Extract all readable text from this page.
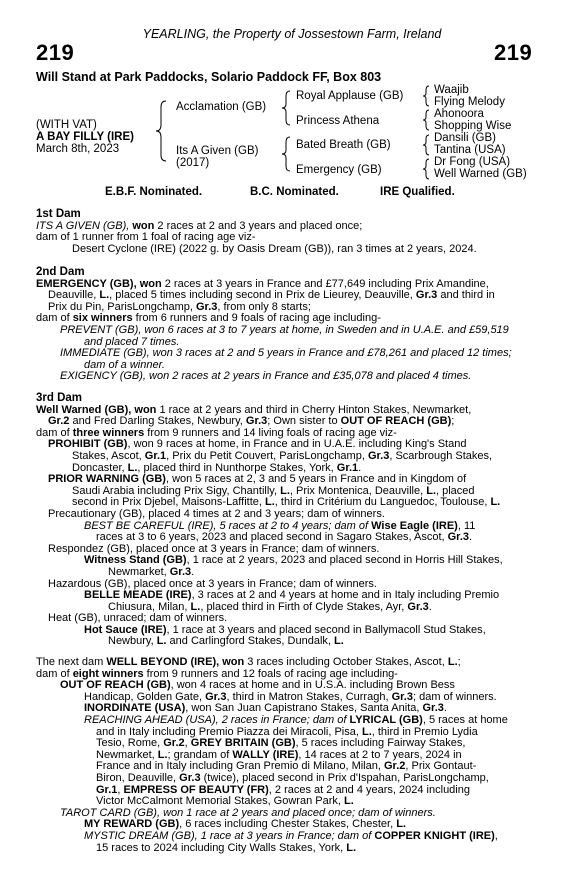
YEARLING, the Property of Jossestown Farm, Ireland
219	219
Will Stand at Park Paddocks, Solario Paddock FF, Box 803
(WITH VAT)
A BAY FILLY (IRE)
March 8th, 2023
Acclamation (GB)
Its A Given (GB)
(2017)
Royal Applause (GB)
Princess Athena
Bated Breath (GB)
Emergency (GB)
Waajib
Flying Melody
Ahonoora
Shopping Wise
Dansili (GB)
Tantina (USA)
Dr Fong (USA)
Well Warned (GB)
E.B.F. Nominated.	B.C. Nominated.	IRE Qualified.
1st Dam
ITS A GIVEN (GB), won 2 races at 2 and 3 years and placed once;
dam of 1 runner from 1 foal of racing age viz-
Desert Cyclone (IRE) (2022 g. by Oasis Dream (GB)), ran 3 times at 2 years, 2024.
2nd Dam
EMERGENCY (GB), won 2 races at 3 years in France and £77,649 including Prix Amandine,
Deauville, L., placed 5 times including second in Prix de Lieurey, Deauville, Gr.3 and third in
Prix du Pin, ParisLongchamp, Gr.3, from only 8 starts;
dam of six winners from 6 runners and 9 foals of racing age including-
PREVENT (GB), won 6 races at 3 to 7 years at home, in Sweden and in U.A.E. and £59,519
and placed 7 times.
IMMEDIATE (GB), won 3 races at 2 and 5 years in France and £78,261 and placed 12 times;
dam of a winner.
EXIGENCY (GB), won 2 races at 2 years in France and £35,078 and placed 4 times.
3rd Dam
Well Warned (GB), won 1 race at 2 years and third in Cherry Hinton Stakes, Newmarket,
Gr.2 and Fred Darling Stakes, Newbury, Gr.3; Own sister to OUT OF REACH (GB);
dam of three winners from 9 runners and 14 living foals of racing age viz-
PROHIBIT (GB), won 9 races at home, in France and in U.A.E. including King's Stand
Stakes, Ascot, Gr.1, Prix du Petit Couvert, ParisLongchamp, Gr.3, Scarbrough Stakes,
Doncaster, L., placed third in Nunthorpe Stakes, York, Gr.1.
PRIOR WARNING (GB), won 5 races at 2, 3 and 5 years in France and in Kingdom of
Saudi Arabia including Prix Sigy, Chantilly, L., Prix Montenica, Deauville, L., placed
second in Prix Djebel, Maisons-Laffitte, L., third in Critérium du Languedoc, Toulouse, L.
Precautionary (GB), placed 4 times at 2 and 3 years; dam of winners.
BEST BE CAREFUL (IRE), 5 races at 2 to 4 years; dam of Wise Eagle (IRE), 11
races at 3 to 6 years, 2023 and placed second in Sagaro Stakes, Ascot, Gr.3.
Respondez (GB), placed once at 3 years in France; dam of winners.
Witness Stand (GB), 1 race at 2 years, 2023 and placed second in Horris Hill Stakes,
Newmarket, Gr.3.
Hazardous (GB), placed once at 3 years in France; dam of winners.
BELLE MEADE (IRE), 3 races at 2 and 4 years at home and in Italy including Premio
Chiusura, Milan, L., placed third in Firth of Clyde Stakes, Ayr, Gr.3.
Heat (GB), unraced; dam of winners.
Hot Sauce (IRE), 1 race at 3 years and placed second in Ballymacoll Stud Stakes,
Newbury, L. and Carlingford Stakes, Dundalk, L.
The next dam WELL BEYOND (IRE), won 3 races including October Stakes, Ascot, L.;
dam of eight winners from 9 runners and 12 foals of racing age including-
OUT OF REACH (GB), won 4 races at home and in U.S.A. including Brown Bess
Handicap, Golden Gate, Gr.3, third in Matron Stakes, Curragh, Gr.3; dam of winners.
INORDINATE (USA), won San Juan Capistrano Stakes, Santa Anita, Gr.3.
REACHING AHEAD (USA), 2 races in France; dam of LYRICAL (GB), 5 races at home
and in Italy including Premio Piazza dei Miracoli, Pisa, L., third in Premio Lydia
Tesio, Rome, Gr.2, GREY BRITAIN (GB), 5 races including Fairway Stakes,
Newmarket, L.; grandam of WALLY (IRE), 14 races at 2 to 7 years, 2024 in
France and in Italy including Gran Premio di Milano, Milan, Gr.2, Prix Gontaut-
Biron, Deauville, Gr.3 (twice), placed second in Prix d'Ispahan, ParisLongchamp,
Gr.1, EMPRESS OF BEAUTY (FR), 2 races at 2 and 4 years, 2024 including
Victor McCalmont Memorial Stakes, Gowran Park, L.
TAROT CARD (GB), won 1 race at 2 years and placed once; dam of winners.
MY REWARD (GB), 6 races including Chester Stakes, Chester, L.
MYSTIC DREAM (GB), 1 race at 3 years in France; dam of COPPER KNIGHT (IRE),
15 races to 2024 including City Walls Stakes, York, L.
